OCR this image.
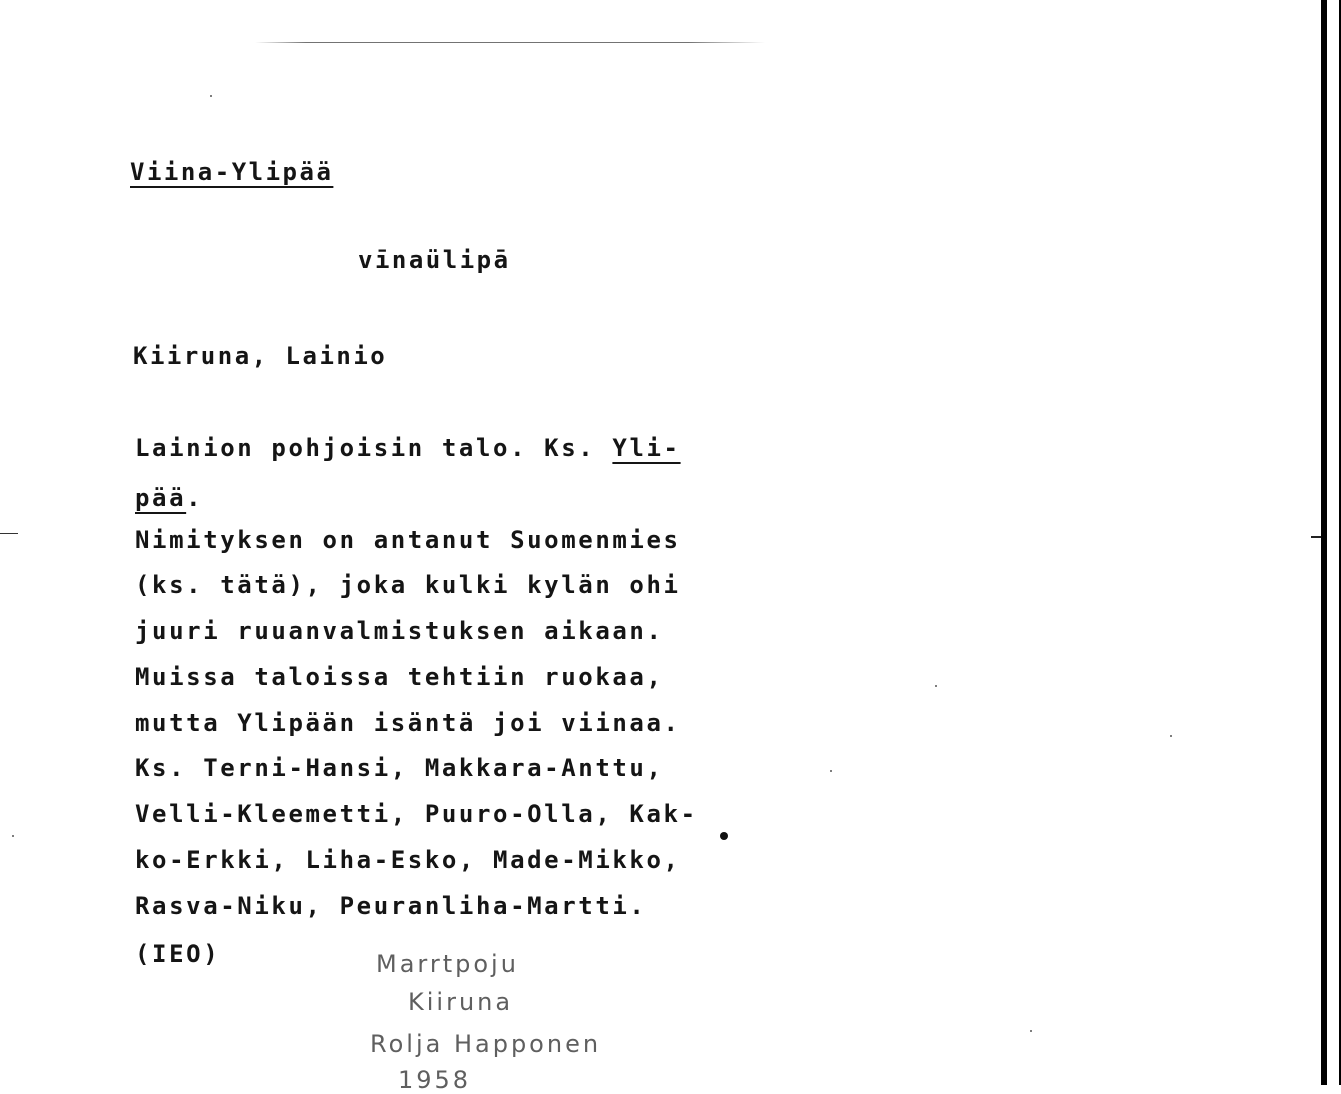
Viina-Ylipää
vīnaülipā
Kiiruna, Lainio
Lainion pohjoisin talo. Ks. Yli-
pää.
Nimityksen on antanut Suomenmies
(ks. tätä), joka kulki kylän ohi
juuri ruuanvalmistuksen aikaan.
Muissa taloissa tehtiin ruokaa,
mutta Ylipään isäntä joi viinaa.
Ks. Terni-Hansi, Makkara-Anttu,
Velli-Kleemetti, Puuro-Olla, Kak-
ko-Erkki, Liha-Esko, Made-Mikko,
Rasva-Niku, Peuranliha-Martti.
(IEO)	Marrtpoju
Kiiruna
Rolja Happonen
1958
